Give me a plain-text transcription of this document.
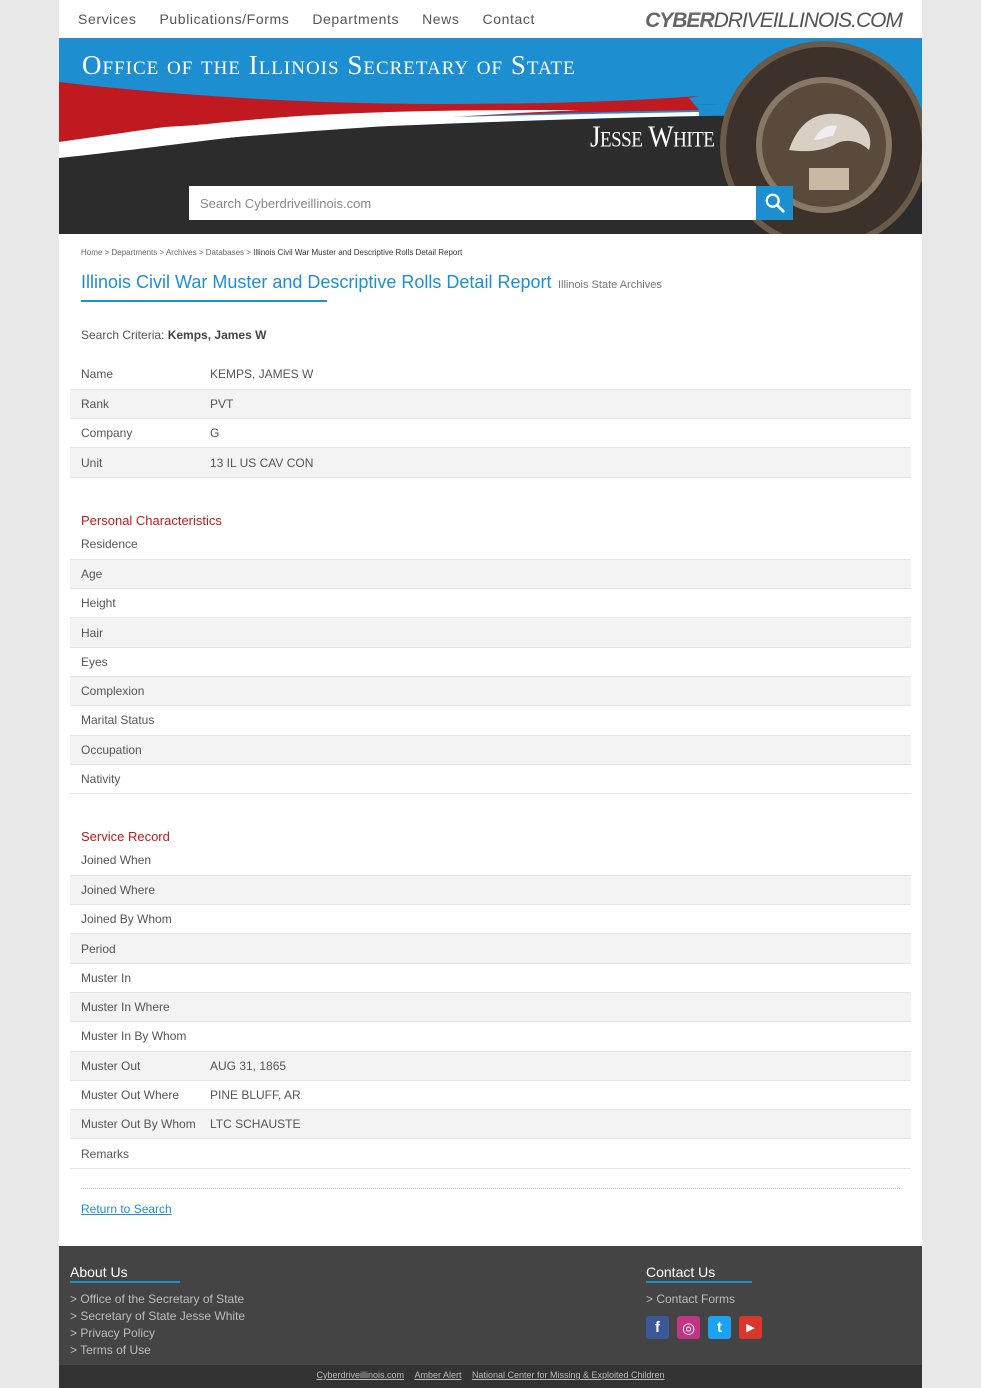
Services Publications/Forms Departments News Contact	CYBERDRIVEILLINOIS.COM
Office of the Illinois Secretary of State
Jesse White
Search Cyberdriveillinois.com
Home > Departments > Archives > Databases > Illinois Civil War Muster and Descriptive Rolls Detail Report
Illinois Civil War Muster and Descriptive Rolls Detail Report Illinois State Archives
Search Criteria: Kemps, James W
Name	KEMPS, JAMES W
Rank	PVT
Company	G
Unit	13 IL US CAV CON
Personal Characteristics
Residence	
Age	
Height	
Hair	
Eyes	
Complexion	
Marital Status	
Occupation	
Nativity	
Service Record
Joined When	
Joined Where	
Joined By Whom	
Period	
Muster In	
Muster In Where	
Muster In By Whom	
Muster Out	AUG 31, 1865
Muster Out Where	PINE BLUFF, AR
Muster Out By Whom	LTC SCHAUSTE
Remarks	
Return to Search
About Us
> Office of the Secretary of State
> Secretary of State Jesse White
> Privacy Policy
> Terms of Use
Contact Us
> Contact Forms
f	◎	t	▶
Cyberdriveillinois.com Amber Alert National Center for Missing & Exploited Children
